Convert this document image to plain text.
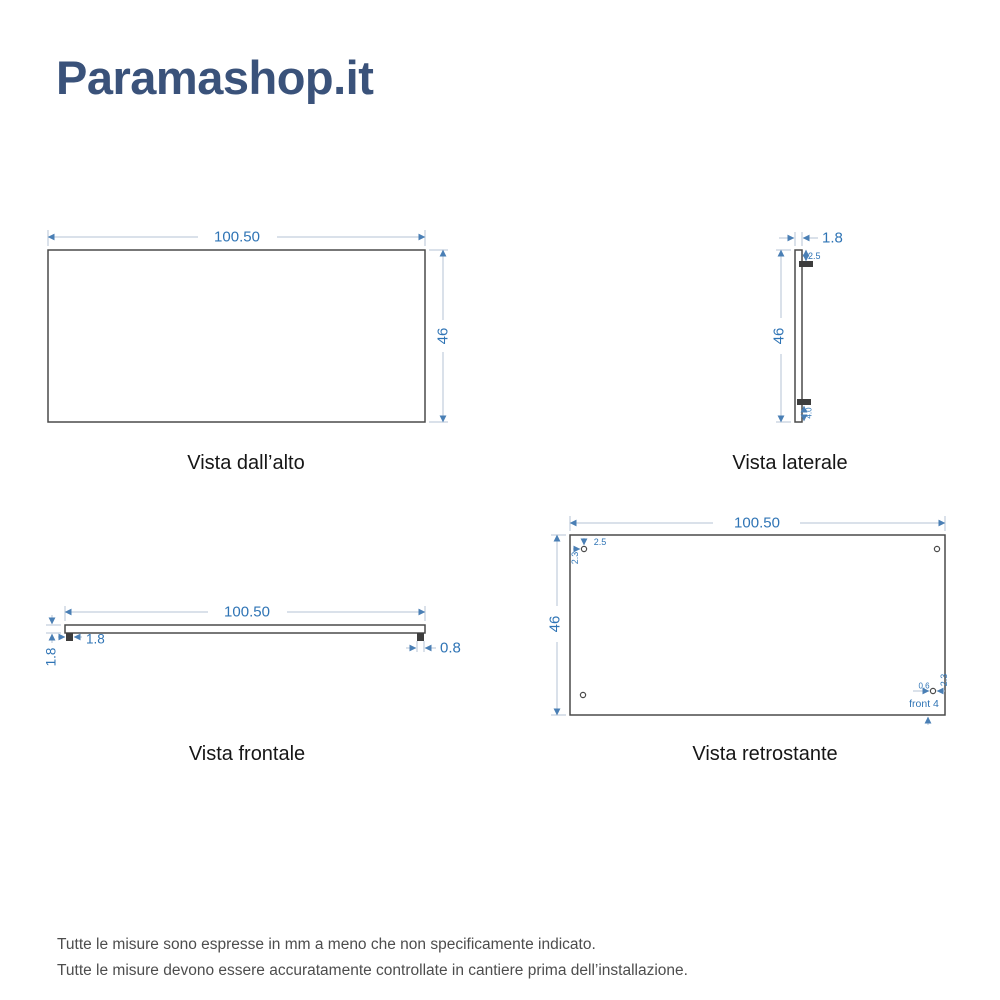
Paramashop.it
100.50
46
1.8
2.5
46
4.0
100.50
1.8
1.8
0.8
100.50
46
2.5
2.3
0.6 2.3
front 4
Vista dall’alto	Vista laterale
Vista frontale	Vista retrostante
Tutte le misure sono espresse in mm a meno che non specificamente indicato.
Tutte le misure devono essere accuratamente controllate in cantiere prima dell’installazione.
